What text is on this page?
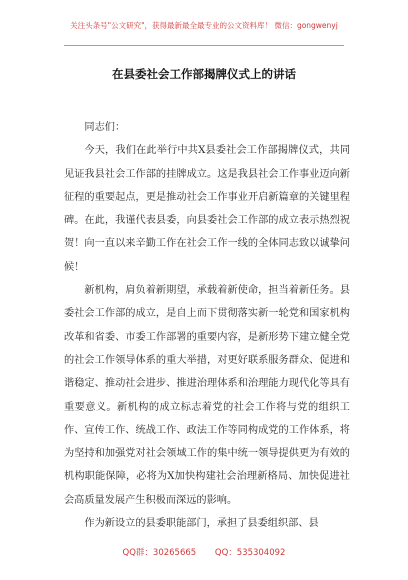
关注头条号"公文研究"，获得最新最全最专业的公文资料库！ 微信：gongwenyj
在县委社会工作部揭牌仪式上的讲话

同志们：

今天，我们在此举行中共X县委社会工作部揭牌仪式，共同见证我县社会工作部的挂牌成立。这是我县社会工作事业迈向新征程的重要起点，更是推动社会工作事业开启新篇章的关键里程碑。在此，我谨代表县委，向县委社会工作部的成立表示热烈祝贺！向一直以来辛勤工作在社会工作一线的全体同志致以诚挚问候！

新机构，肩负着新期望，承载着新使命，担当着新任务。县委社会工作部的成立，是自上而下贯彻落实新一轮党和国家机构改革和省委、市委工作部署的重要内容，是新形势下建立健全党的社会工作领导体系的重大举措，对更好联系服务群众、促进和谐稳定、推动社会进步、推进治理体系和治理能力现代化等具有重要意义。新机构的成立标志着党的社会工作将与党的组织工作、宣传工作、统战工作、政法工作等同构成党的工作体系，将为坚持和加强党对社会领域工作的集中统一领导提供更为有效的机构职能保障，必将为X加快构建社会治理新格局、加快促进社会高质量发展产生积极而深远的影响。

作为新设立的县委职能部门，承担了县委组织部、县

QQ群：30265665 QQ：535304092
